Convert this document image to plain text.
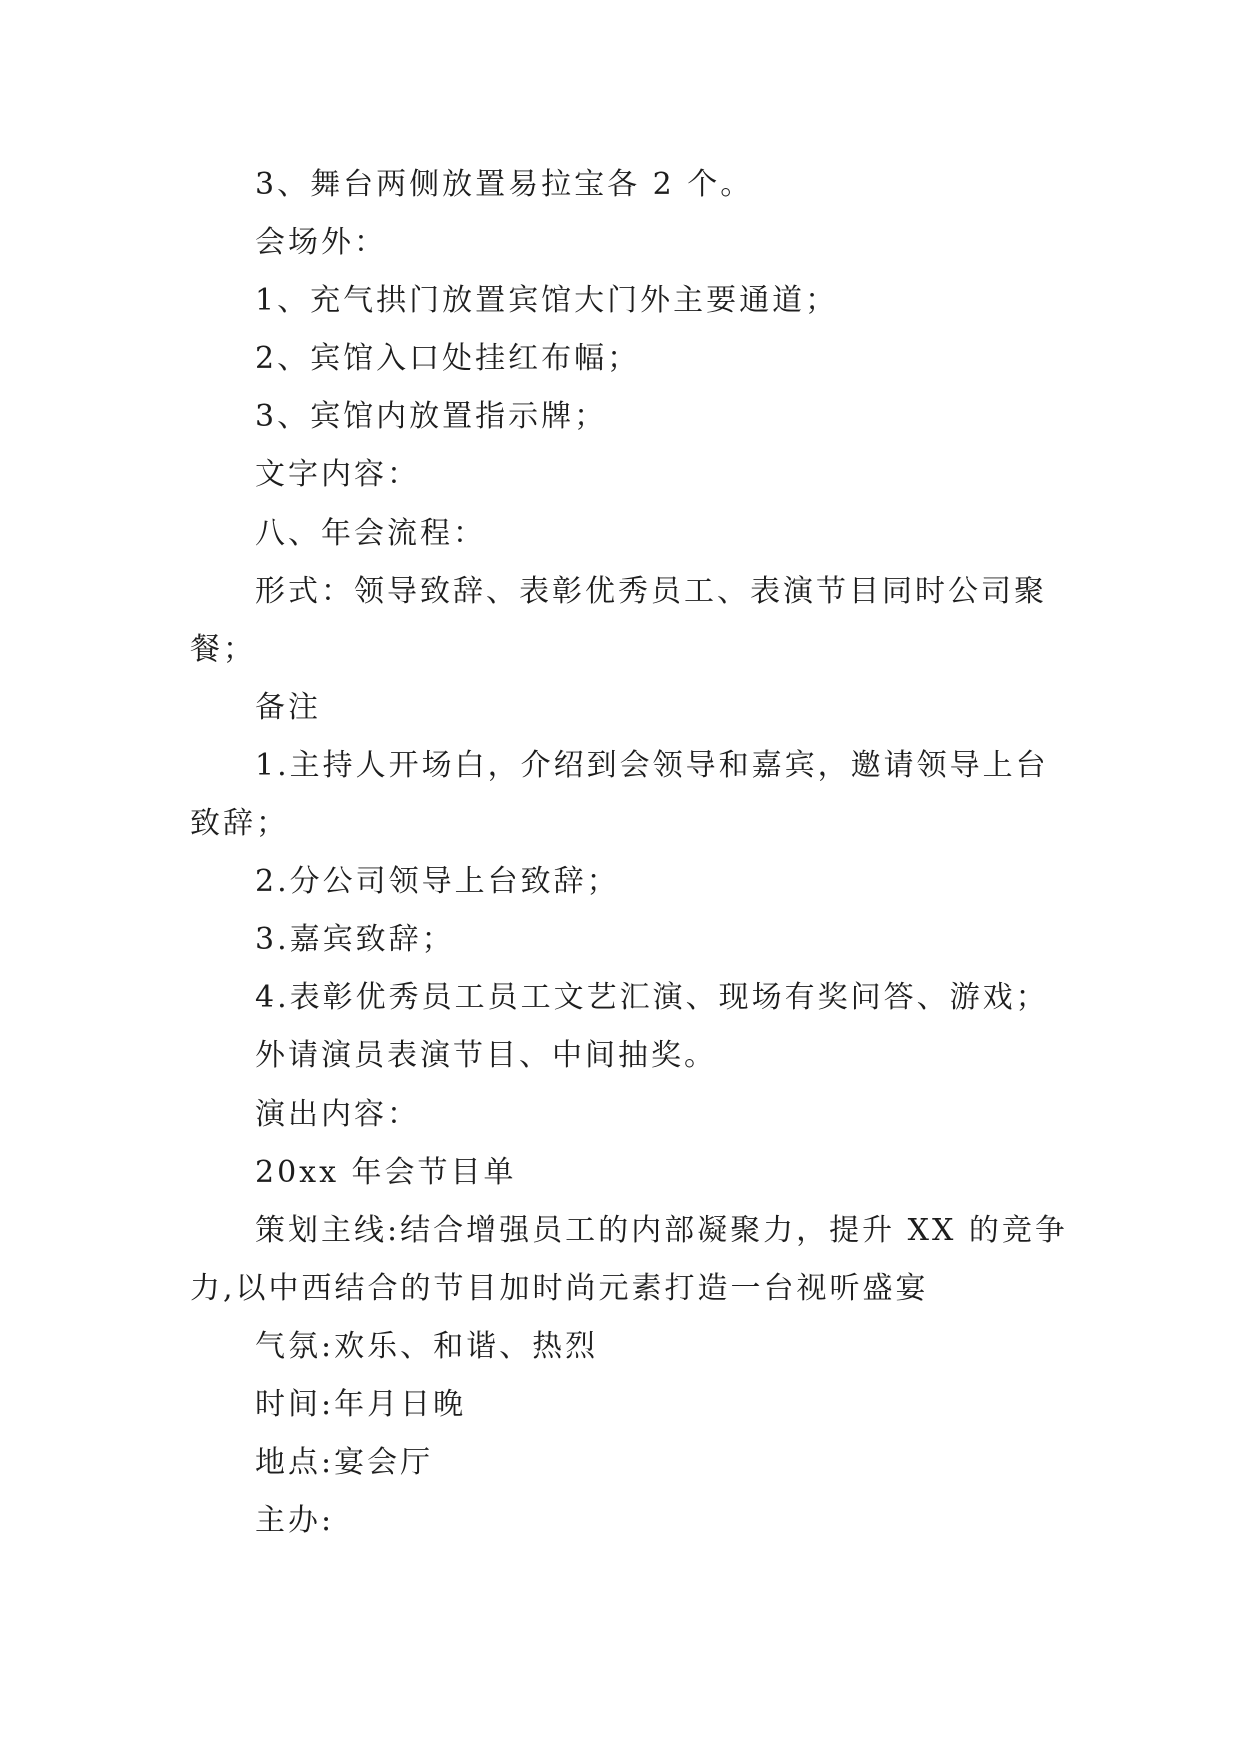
3、舞台两侧放置易拉宝各 2 个。
会场外：
1、充气拱门放置宾馆大门外主要通道；
2、宾馆入口处挂红布幅；
3、宾馆内放置指示牌；
文字内容：
八、年会流程：
形式：领导致辞、表彰优秀员工、表演节目同时公司聚
餐；
备注
1.主持人开场白，介绍到会领导和嘉宾，邀请领导上台
致辞；
2.分公司领导上台致辞；
3.嘉宾致辞；
4.表彰优秀员工员工文艺汇演、现场有奖问答、游戏；
外请演员表演节目、中间抽奖。
演出内容：
20xx 年会节目单
策划主线:结合增强员工的内部凝聚力，提升 XX 的竞争
力,以中西结合的节目加时尚元素打造一台视听盛宴
气氛:欢乐、和谐、热烈
时间:年月日晚
地点:宴会厅
主办:
